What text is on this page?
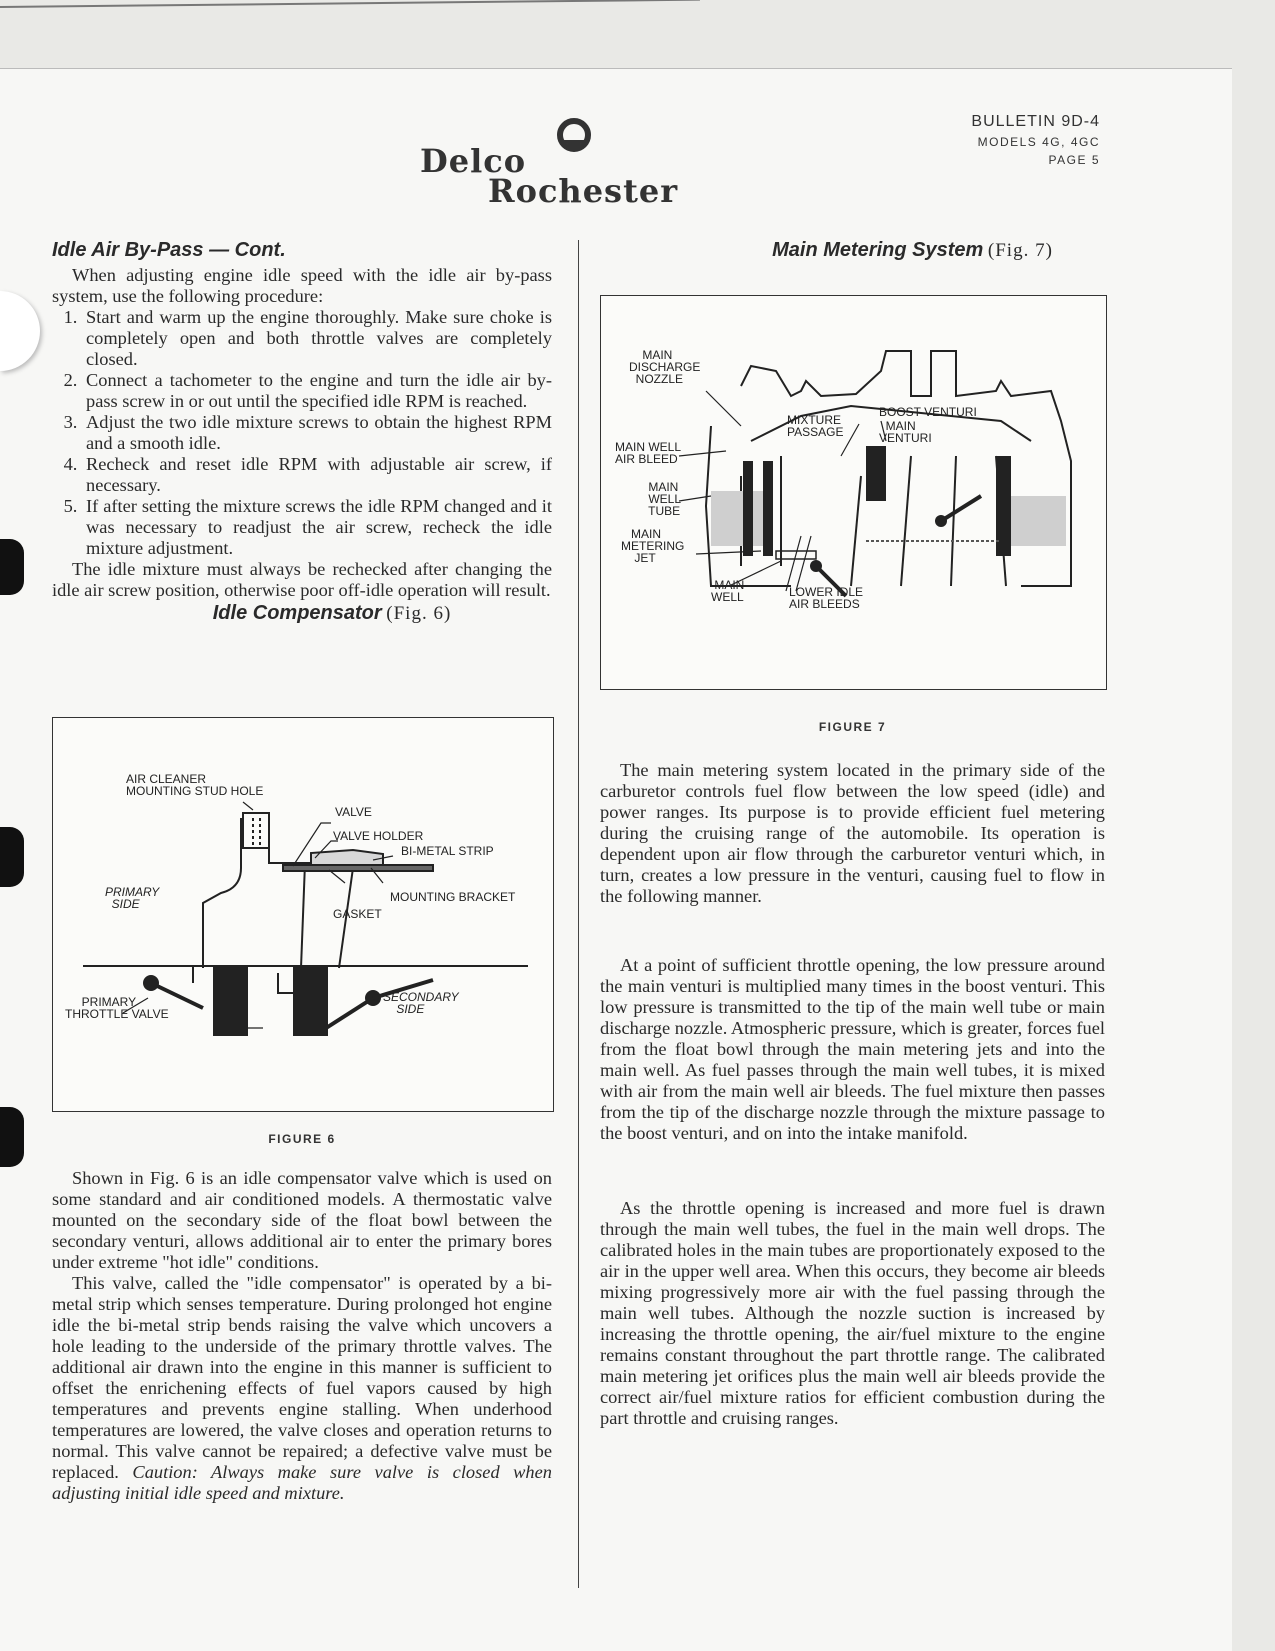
Delco
Rochester
BULLETIN 9D-4
MODELS 4G, 4GC
PAGE 5
Idle Air By-Pass — Cont.

When adjusting engine idle speed with the idle air by-pass system, use the following procedure:

1. Start and warm up the engine thoroughly. Make sure choke is completely open and both throttle valves are completely closed.
2. Connect a tachometer to the engine and turn the idle air by-pass screw in or out until the specified idle RPM is reached.
3. Adjust the two idle mixture screws to obtain the highest RPM and a smooth idle.
4. Recheck and reset idle RPM with adjustable air screw, if necessary.
5. If after setting the mixture screws the idle RPM changed and it was necessary to readjust the air screw, recheck the idle mixture adjustment.

The idle mixture must always be rechecked after changing the idle air screw position, otherwise poor off-idle operation will result.

Idle Compensator (Fig. 6)
AIR CLEANER
MOUNTING STUD HOLE
VALVE
VALVE HOLDER
BI-METAL STRIP
MOUNTING BRACKET
GASKET
PRIMARY
SIDE
PRIMARY
THROTTLE VALVE
SECONDARY
SIDE
FIGURE 6

Shown in Fig. 6 is an idle compensator valve which is used on some standard and air conditioned models. A thermostatic valve mounted on the secondary side of the float bowl between the secondary venturi, allows additional air to enter the primary bores under extreme "hot idle" conditions.

This valve, called the "idle compensator" is operated by a bi-metal strip which senses temperature. During prolonged hot engine idle the bi-metal strip bends raising the valve which uncovers a hole leading to the underside of the primary throttle valves. The additional air drawn into the engine in this manner is sufficient to offset the enrichening effects of fuel vapors caused by high temperatures and prevents engine stalling. When underhood temperatures are lowered, the valve closes and operation returns to normal. This valve cannot be repaired; a defective valve must be replaced. Caution: Always make sure valve is closed when adjusting initial idle speed and mixture.

Main Metering System (Fig. 7)
MAIN
DISCHARGE
NOZZLE
MIXTURE
PASSAGE
BOOST VENTURI
MAIN
VENTURI
MAIN WELL
AIR BLEED
MAIN
WELL
TUBE
MAIN
METERING
JET
MAIN
WELL	LOWER IDLE
AIR BLEEDS
FIGURE 7

The main metering system located in the primary side of the carburetor controls fuel flow between the low speed (idle) and power ranges. Its purpose is to provide efficient fuel metering during the cruising range of the automobile. Its operation is dependent upon air flow through the carburetor venturi which, in turn, creates a low pressure in the venturi, causing fuel to flow in the following manner.

At a point of sufficient throttle opening, the low pressure around the main venturi is multiplied many times in the boost venturi. This low pressure is transmitted to the tip of the main well tube or main discharge nozzle. Atmospheric pressure, which is greater, forces fuel from the float bowl through the main metering jets and into the main well. As fuel passes through the main well tubes, it is mixed with air from the main well air bleeds. The fuel mixture then passes from the tip of the discharge nozzle through the mixture passage to the boost venturi, and on into the intake manifold.

As the throttle opening is increased and more fuel is drawn through the main well tubes, the fuel in the main well drops. The calibrated holes in the main tubes are proportionately exposed to the air in the upper well area. When this occurs, they become air bleeds mixing progressively more air with the fuel passing through the main well tubes. Although the nozzle suction is increased by increasing the throttle opening, the air/fuel mixture to the engine remains constant throughout the part throttle range. The calibrated main metering jet orifices plus the main well air bleeds provide the correct air/fuel mixture ratios for efficient combustion during the part throttle and cruising ranges.
